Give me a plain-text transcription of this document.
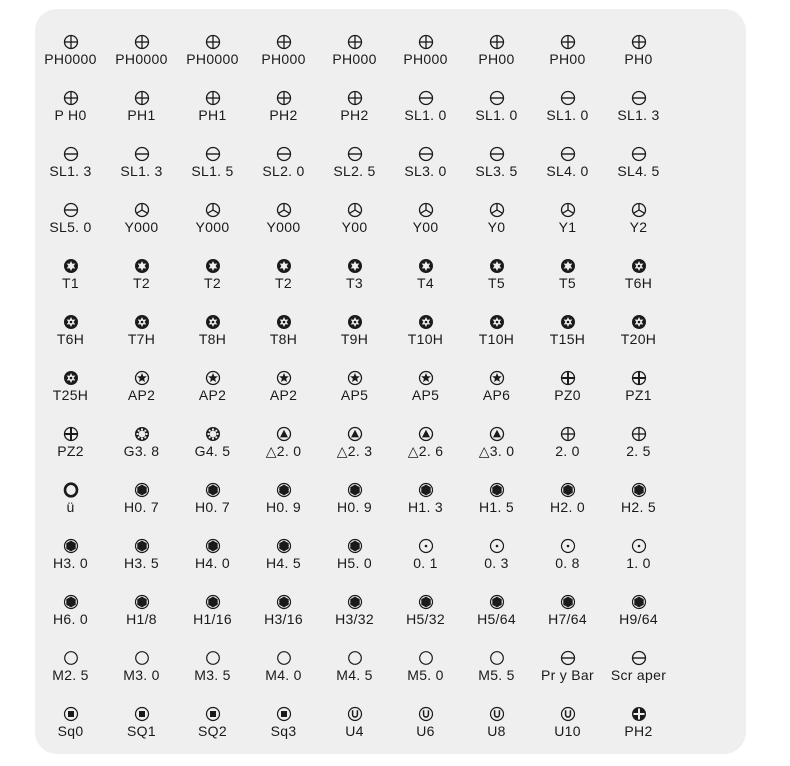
PH0000	PH0000	PH0000	PH000	PH000	PH000	PH00	PH00	PH0
P H0	PH1	PH1	PH2	PH2	SL1. 0	SL1. 0	SL1. 0	SL1. 3
SL1. 3	SL1. 3	SL1. 5	SL2. 0	SL2. 5	SL3. 0	SL3. 5	SL4. 0	SL4. 5
SL5. 0	Y000	Y000	Y000	Y00	Y00	Y0	Y1	Y2
T1	T2	T2	T2	T3	T4	T5	T5	T6H
T6H	T7H	T8H	T8H	T9H	T10H	T10H	T15H	T20H
T25H	AP2	AP2	AP2	AP5	AP5	AP6	PZ0	PZ1
PZ2	G3. 8	G4. 5	△2. 0	△2. 3	△2. 6	△3. 0	2. 0	2. 5
ü	H0. 7	H0. 7	H0. 9	H0. 9	H1. 3	H1. 5	H2. 0	H2. 5
H3. 0	H3. 5	H4. 0	H4. 5	H5. 0	0. 1	0. 3	0. 8	1. 0
H6. 0	H1/8	H1/16	H3/16	H3/32	H5/32	H5/64	H7/64	H9/64
M2. 5	M3. 0	M3. 5	M4. 0	M4. 5	M5. 0	M5. 5	Pr y Bar	Scr aper
Sq0	SQ1	SQ2	Sq3	U4	U6	U8	U10	PH2
